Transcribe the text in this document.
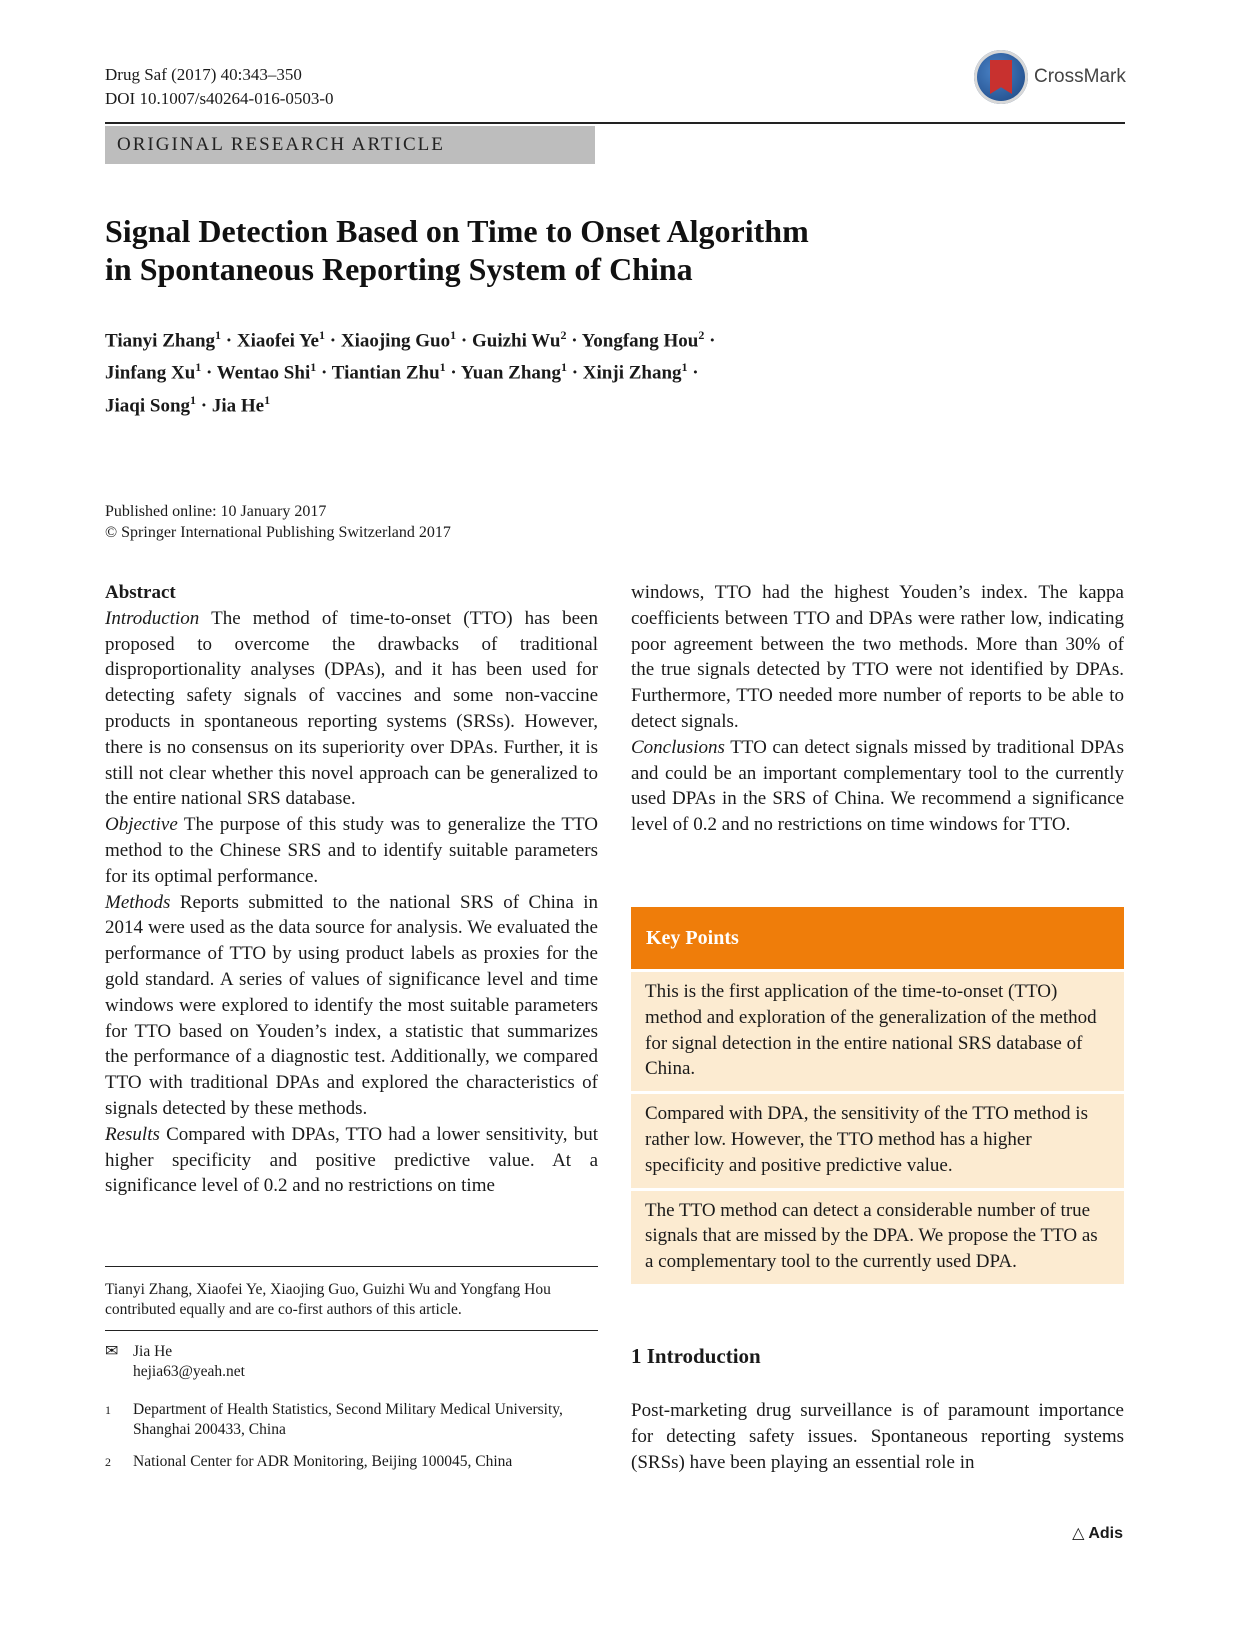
Drug Saf (2017) 40:343–350
DOI 10.1007/s40264-016-0503-0
CrossMark
ORIGINAL RESEARCH ARTICLE
Signal Detection Based on Time to Onset Algorithm
in Spontaneous Reporting System of China
Tianyi Zhang$^1$ · Xiaofei $Ye^1$ · Xiaojing Guo$^1$ · Guizhi $Wu^2$ · Yongfang Hou$^2$ ·
Jinfang $Xu^1$ · Wentao Shi$^1$ · Tiantian Zhu$^1$ · Yuan Zhang$^1$ · Xinji Zhang$^1$ ·
Jiaqi Song$^1$ · Jia He$^1$
Published online: 10 January 2017
© Springer International Publishing Switzerland 2017

Abstract

Introduction The method of time-to-onset (TTO) has been proposed to overcome the drawbacks of traditional disproportionality analyses (DPAs), and it has been used for detecting safety signals of vaccines and some non-vaccine products in spontaneous reporting systems (SRSs). However, there is no consensus on its superiority over DPAs. Further, it is still not clear whether this novel approach can be generalized to the entire national SRS database.

Objective The purpose of this study was to generalize the TTO method to the Chinese SRS and to identify suitable parameters for its optimal performance.

Methods Reports submitted to the national SRS of China in 2014 were used as the data source for analysis. We evaluated the performance of TTO by using product labels as proxies for the gold standard. A series of values of significance level and time windows were explored to identify the most suitable parameters for TTO based on Youden’s index, a statistic that summarizes the performance of a diagnostic test. Additionally, we compared TTO with traditional DPAs and explored the characteristics of signals detected by these methods.

Results Compared with DPAs, TTO had a lower sensitivity, but higher specificity and positive predictive value. At a significance level of 0.2 and no restrictions on time

windows, TTO had the highest Youden’s index. The kappa coefficients between TTO and DPAs were rather low, indicating poor agreement between the two methods. More than 30% of the true signals detected by TTO were not identified by DPAs. Furthermore, TTO needed more number of reports to be able to detect signals.

Conclusions TTO can detect signals missed by traditional DPAs and could be an important complementary tool to the currently used DPAs in the SRS of China. We recommend a significance level of 0.2 and no restrictions on time windows for TTO.

Key Points
This is the first application of the time-to-onset (TTO) method and exploration of the generalization of the method for signal detection in the entire national SRS database of China.
Compared with DPA, the sensitivity of the TTO method is rather low. However, the TTO method has a higher specificity and positive predictive value.
The TTO method can detect a considerable number of true signals that are missed by the DPA. We propose the TTO as a complementary tool to the currently used DPA.
Tianyi Zhang, Xiaofei Ye, Xiaojing Guo, Guizhi Wu and Yongfang Hou contributed equally and are co-first authors of this article.
✉ Jia He
hejia63@yeah.net
1	Department of Health Statistics, Second Military Medical University, Shanghai 200433, China
2	National Center for ADR Monitoring, Beijing 100045, China
1 Introduction
Post-marketing drug surveillance is of paramount importance for detecting safety issues. Spontaneous reporting systems (SRSs) have been playing an essential role in
△ Adis
